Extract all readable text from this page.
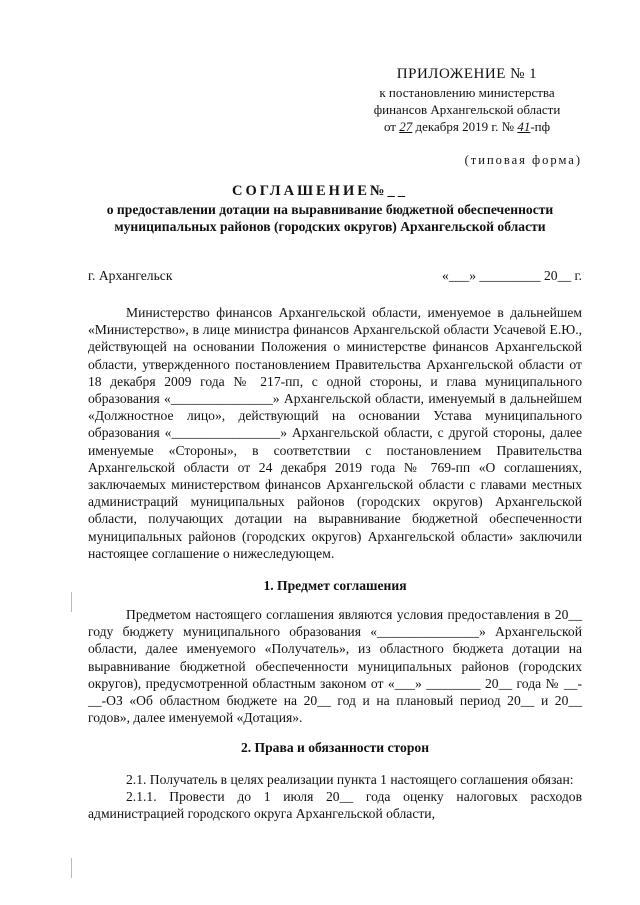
ПРИЛОЖЕНИЕ № 1
к постановлению министерства
финансов Архангельской области
от 27 декабря 2019 г. № 41-пф
(типовая форма)
СОГЛАШЕНИЕ№__
о предоставлении дотации на выравнивание бюджетной обеспеченности муниципальных районов (городских округов) Архангельской области
г. Архангельск	«___» _________ 20__ г.

Министерство финансов Архангельской области, именуемое в дальнейшем «Министерство», в лице министра финансов Архангельской области Усачевой Е.Ю., действующей на основании Положения о министерстве финансов Архангельской области, утвержденного постановлением Правительства Архангельской области от 18 декабря 2009 года № 217-пп, с одной стороны, и глава муниципального образования «_______________» Архангельской области, именуемый в дальнейшем «Должностное лицо», действующий на основании Устава муниципального образования «________________» Архангельской области, с другой стороны, далее именуемые «Стороны», в соответствии с постановлением Правительства Архангельской области от 24 декабря 2019 года № 769-пп «О соглашениях, заключаемых министерством финансов Архангельской области с главами местных администраций муниципальных районов (городских округов) Архангельской области, получающих дотации на выравнивание бюджетной обеспеченности муниципальных районов (городских округов) Архангельской области» заключили настоящее соглашение о нижеследующем.

1. Предмет соглашения

Предметом настоящего соглашения являются условия предоставления в 20__ году бюджету муниципального образования «_______________» Архангельской области, далее именуемого «Получатель», из областного бюджета дотации на выравнивание бюджетной обеспеченности муниципальных районов (городских округов), предусмотренной областным законом от «___» ________ 20__ года № __-__-ОЗ «Об областном бюджете на 20__ год и на плановый период 20__ и 20__ годов», далее именуемой «Дотация».

2. Права и обязанности сторон

2.1. Получатель в целях реализации пункта 1 настоящего соглашения обязан:

2.1.1. Провести до 1 июля 20__ года оценку налоговых расходов администрацией городского округа Архангельской области,
